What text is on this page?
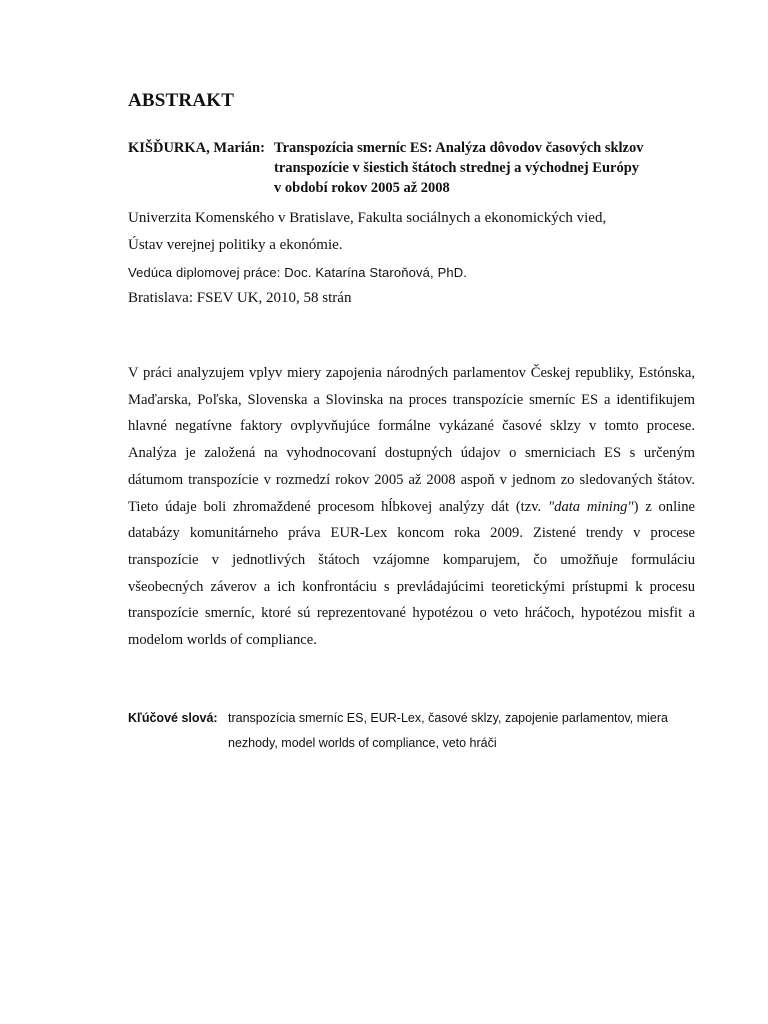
ABSTRAKT
KIŠĎURKA, Marián: Transpozícia smerníc ES: Analýza dôvodov časových sklzov
transpozície v šiestich štátoch strednej a východnej Európy
v období rokov 2005 až 2008
Univerzita Komenského v Bratislave, Fakulta sociálnych a ekonomických vied,
Ústav verejnej politiky a ekonómie.
Vedúca diplomovej práce: Doc. Katarína Staroňová, PhD.
Bratislava: FSEV UK, 2010, 58 strán

V práci analyzujem vplyv miery zapojenia národných parlamentov Českej republiky, Estónska, Maďarska, Poľska, Slovenska a Slovinska na proces transpozície smerníc ES a identifikujem hlavné negatívne faktory ovplyvňujúce formálne vykázané časové sklzy v tomto procese. Analýza je založená na vyhodnocovaní dostupných údajov o smerniciach ES s určeným dátumom transpozície v rozmedzí rokov 2005 až 2008 aspoň v jednom zo sledovaných štátov. Tieto údaje boli zhromaždené procesom hĺbkovej analýzy dát (tzv. "data mining") z online databázy komunitárneho práva EUR-Lex koncom roka 2009. Zistené trendy v procese transpozície v jednotlivých štátoch vzájomne komparujem, čo umožňuje formuláciu všeobecných záverov a ich konfrontáciu s prevládajúcimi teoretickými prístupmi k procesu transpozície smerníc, ktoré sú reprezentované hypotézou o veto hráčoch, hypotézou misfit a modelom worlds of compliance.

Kľúčové slová: transpozícia smerníc ES, EUR-Lex, časové sklzy, zapojenie parlamentov, miera
nezhody, model worlds of compliance, veto hráči
